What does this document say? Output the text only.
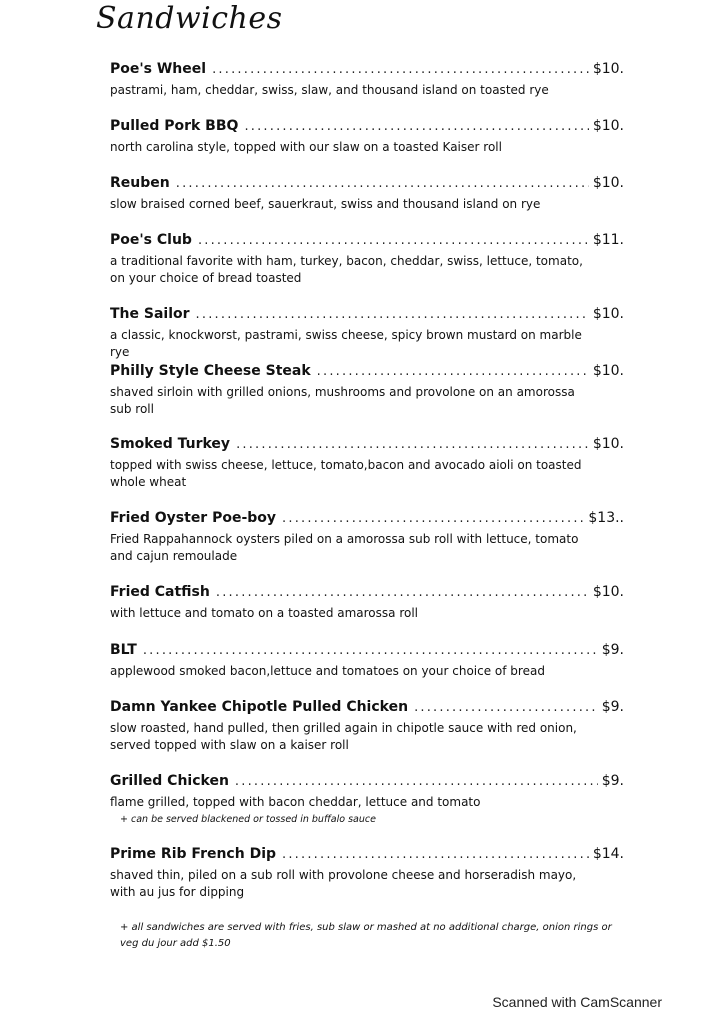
Sandwiches
Poe's Wheel .....	$10.
pastrami, ham, cheddar, swiss, slaw, and thousand island on toasted rye
Pulled Pork BBQ .....	$10.
north carolina style, topped with our slaw on a toasted Kaiser roll
Reuben .....	$10.
slow braised corned beef, sauerkraut, swiss and thousand island on rye
Poe's Club .....	$11.
a traditional favorite with ham, turkey, bacon, cheddar, swiss, lettuce, tomato, on your choice of bread toasted
The Sailor .....	$10.
a classic, knockworst, pastrami, swiss cheese, spicy brown mustard on marble rye
Philly Style Cheese Steak .....	$10.
shaved sirloin with grilled onions, mushrooms and provolone on an amorossa sub roll
Smoked Turkey .....	$10.
topped with swiss cheese, lettuce, tomato,bacon and avocado aioli on toasted whole wheat
Fried Oyster Poe-boy .....	$13..
Fried Rappahannock oysters piled on a amorossa sub roll with lettuce, tomato and cajun remoulade
Fried Catfish .....	$10.
with lettuce and tomato on a toasted amarossa roll
BLT .....	$9.
applewood smoked bacon,lettuce and tomatoes on your choice of bread
Damn Yankee Chipotle Pulled Chicken .....	$9.
slow roasted, hand pulled, then grilled again in chipotle sauce with red onion, served topped with slaw on a kaiser roll
Grilled Chicken .....	$9.
flame grilled, topped with bacon cheddar, lettuce and tomato
+ can be served blackened or tossed in buffalo sauce
Prime Rib French Dip .....	$14.
shaved thin, piled on a sub roll with provolone cheese and horseradish mayo, with au jus for dipping
+ all sandwiches are served with fries, sub slaw or mashed at no additional charge, onion rings or veg du jour add $1.50
Scanned with CamScanner
